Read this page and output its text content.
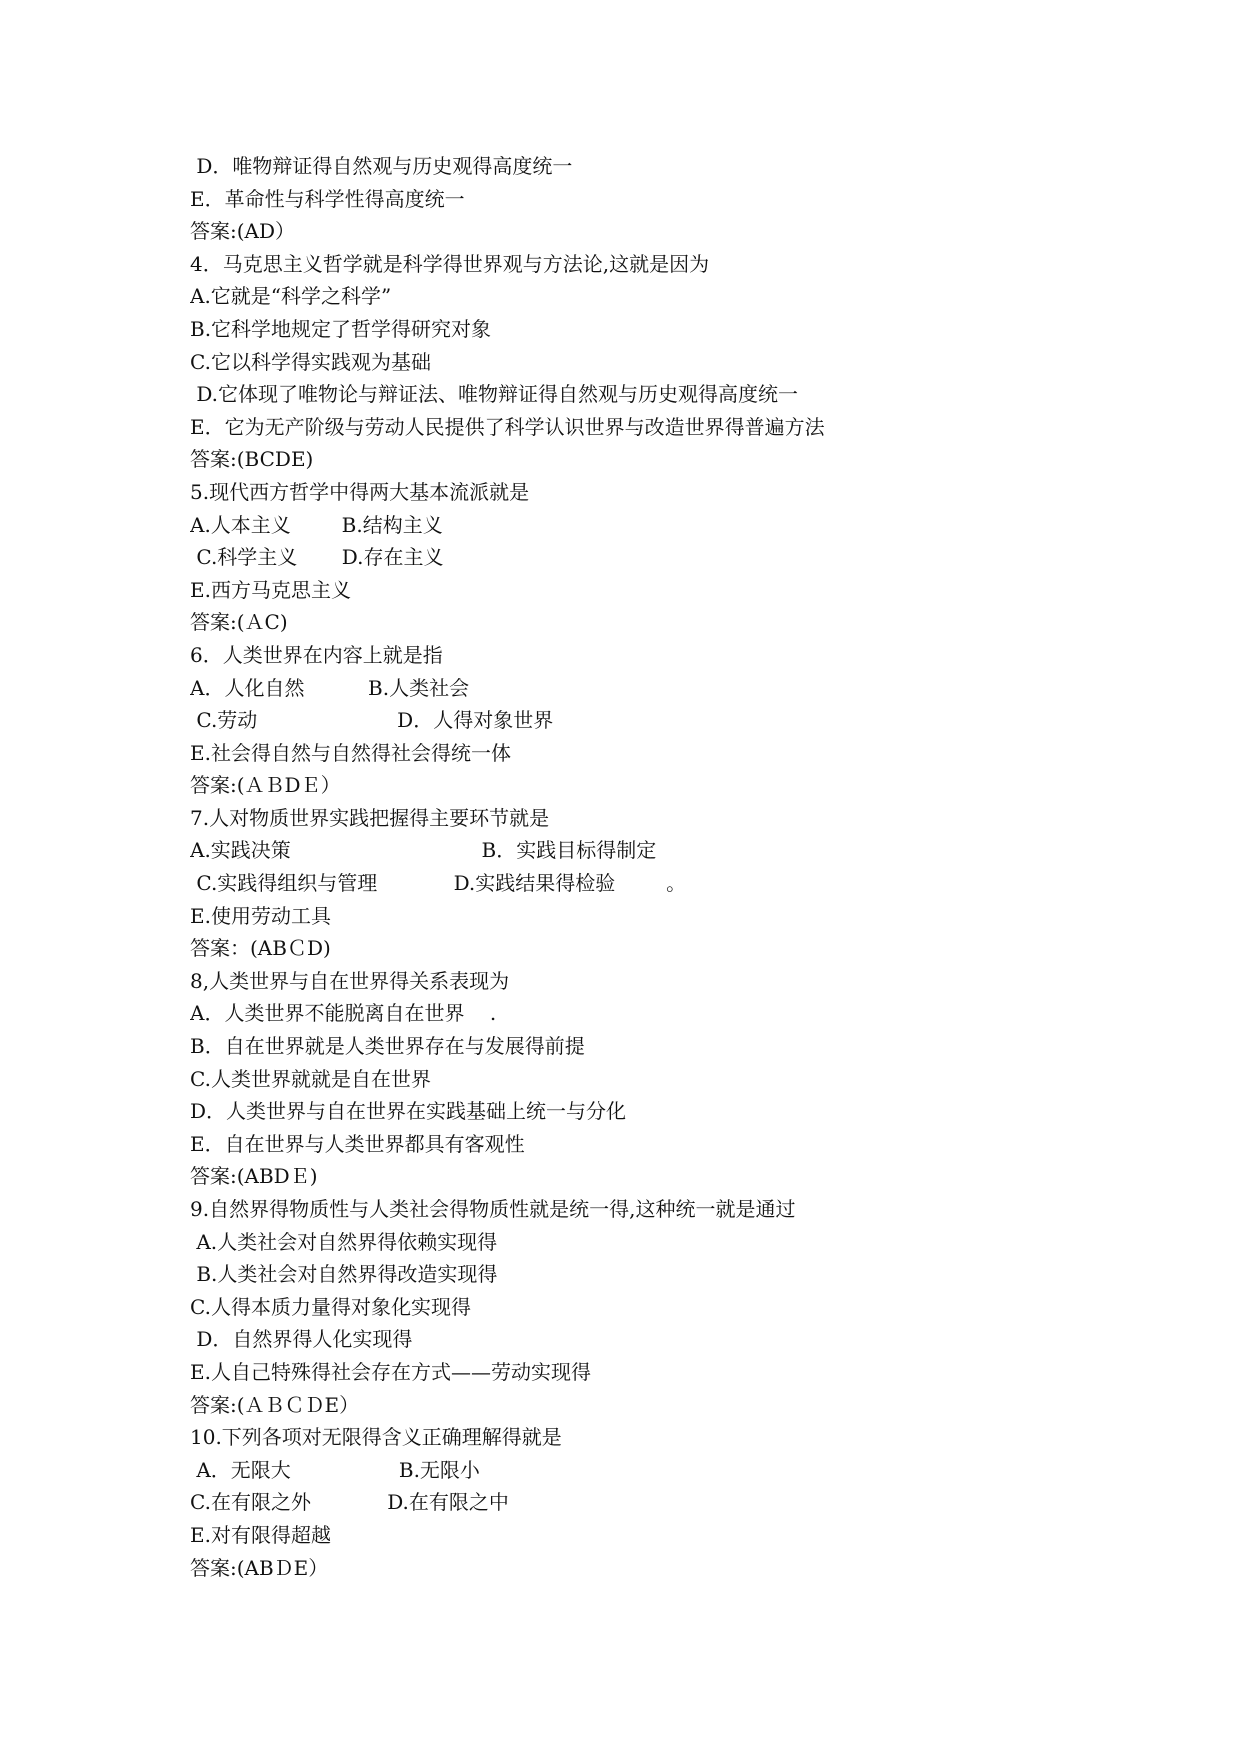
D．唯物辩证得自然观与历史观得高度统一
E．革命性与科学性得高度统一
答案:(AD）
4．马克思主义哲学就是科学得世界观与方法论,这就是因为
A.它就是“科学之科学”
B.它科学地规定了哲学得研究对象
C.它以科学得实践观为基础
D.它体现了唯物论与辩证法、唯物辩证得自然观与历史观得高度统一
E．它为无产阶级与劳动人民提供了科学认识世界与改造世界得普遍方法
答案:(BCDE)
5.现代西方哲学中得两大基本流派就是
A.人本主义        B.结构主义
C.科学主义       D.存在主义
E.西方马克思主义
答案:(ＡC)
6．人类世界在内容上就是指
A．人化自然          B.人类社会
C.劳动                      D．人得对象世界
E.社会得自然与自然得社会得统一体
答案:(ＡＢDＥ）
7.人对物质世界实践把握得主要环节就是
A.实践决策                              B．实践目标得制定
C.实践得组织与管理            D.实践结果得检验        。
E.使用劳动工具
答案：(ABＣD)
8,人类世界与自在世界得关系表现为
A．人类世界不能脱离自在世界    .
B．自在世界就是人类世界存在与发展得前提
C.人类世界就就是自在世界
D．人类世界与自在世界在实践基础上统一与分化
E．自在世界与人类世界都具有客观性
答案:(ABDＥ)
9.自然界得物质性与人类社会得物质性就是统一得,这种统一就是通过
A.人类社会对自然界得依赖实现得
B.人类社会对自然界得改造实现得
C.人得本质力量得对象化实现得
D．自然界得人化实现得
E.人自己特殊得社会存在方式——劳动实现得
答案:(ＡＢＣＤE）
10.下列各项对无限得含义正确理解得就是
A．无限大                 B.无限小
C.在有限之外            D.在有限之中
E.对有限得超越
答案:(ABＤE）
